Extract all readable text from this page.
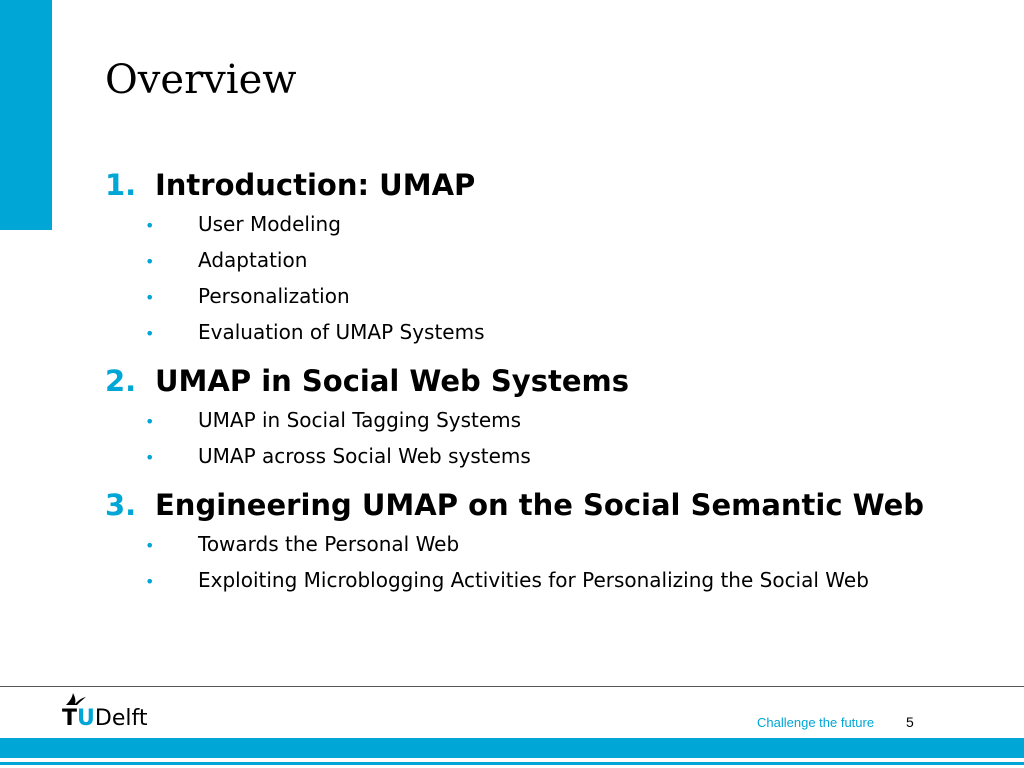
Overview
1. Introduction: UMAP
•	User Modeling
•	Adaptation
•	Personalization
•	Evaluation of UMAP Systems
2. UMAP in Social Web Systems
•	UMAP in Social Tagging Systems
•	UMAP across Social Web systems
3. Engineering UMAP on the Social Semantic Web
•	Towards the Personal Web
•	Exploiting Microblogging Activities for Personalizing the Social Web
TUDelft	Challenge the future 5
